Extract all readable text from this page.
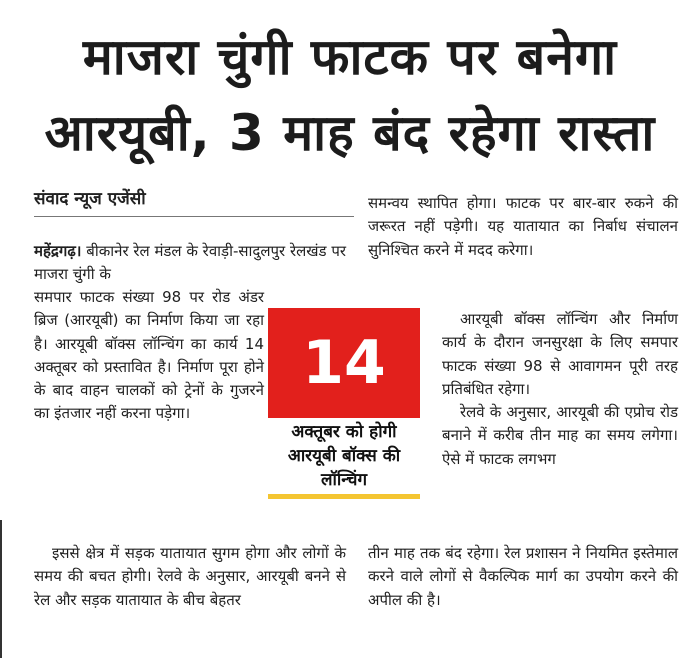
माजरा चुंगी फाटक पर बनेगा
आरयूबी, 3 माह बंद रहेगा रास्ता
संवाद न्यूज एजेंसी

महेंद्रगढ़। बीकानेर रेल मंडल के रेवाड़ी-सादुलपुर रेलखंड पर माजरा चुंगी के

समपार फाटक संख्या 98 पर रोड अंडर ब्रिज (आरयूबी) का निर्माण किया जा रहा है। आरयूबी बॉक्स लॉन्चिंग का कार्य 14 अक्तूबर को प्रस्तावित है। निर्माण पूरा होने के बाद वाहन चालकों को ट्रेनों के गुजरने का इंतजार नहीं करना पड़ेगा।

इससे क्षेत्र में सड़क यातायात सुगम होगा और लोगों के समय की बचत होगी। रेलवे के अनुसार, आरयूबी बनने से रेल और सड़क यातायात के बीच बेहतर

समन्वय स्थापित होगा। फाटक पर बार-बार रुकने की जरूरत नहीं पड़ेगी। यह यातायात का निर्बाध संचालन सुनिश्चित करने में मदद करेगा।

आरयूबी बॉक्स लॉन्चिंग और निर्माण कार्य के दौरान जनसुरक्षा के लिए समपार फाटक संख्या 98 से आवागमन पूरी तरह प्रतिबंधित रहेगा।

रेलवे के अनुसार, आरयूबी की एप्रोच रोड बनाने में करीब तीन माह का समय लगेगा। ऐसे में फाटक लगभग

तीन माह तक बंद रहेगा। रेल प्रशासन ने नियमित इस्तेमाल करने वाले लोगों से वैकल्पिक मार्ग का उपयोग करने की अपील की है।

14
अक्तूबर को होगी आरयूबी बॉक्स की लॉन्चिंग
